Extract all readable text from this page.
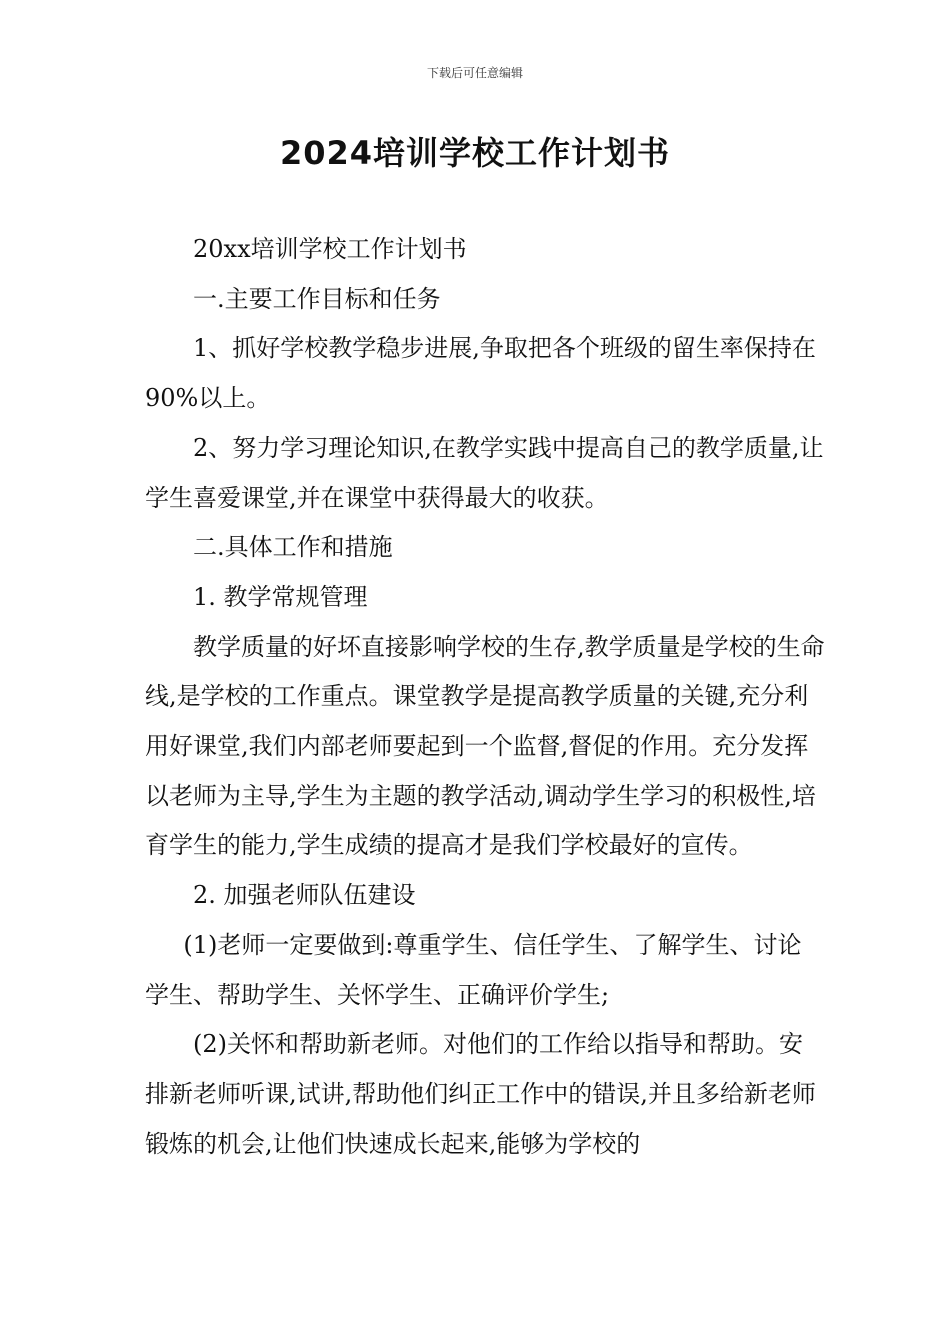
下载后可任意编辑
2024培训学校工作计划书

20xx培训学校工作计划书

一.主要工作目标和任务

1、抓好学校教学稳步进展,争取把各个班级的留生率保持在90%以上。

2、努力学习理论知识,在教学实践中提高自己的教学质量,让学生喜爱课堂,并在课堂中获得最大的收获。

二.具体工作和措施

1. 教学常规管理

教学质量的好坏直接影响学校的生存,教学质量是学校的生命线,是学校的工作重点。课堂教学是提高教学质量的关键,充分利用好课堂,我们内部老师要起到一个监督,督促的作用。充分发挥以老师为主导,学生为主题的教学活动,调动学生学习的积极性,培育学生的能力,学生成绩的提高才是我们学校最好的宣传。

2. 加强老师队伍建设

(1)老师一定要做到:尊重学生、信任学生、了解学生、讨论学生、帮助学生、关怀学生、正确评价学生;

(2)关怀和帮助新老师。对他们的工作给以指导和帮助。安排新老师听课,试讲,帮助他们纠正工作中的错误,并且多给新老师锻炼的机会,让他们快速成长起来,能够为学校的
